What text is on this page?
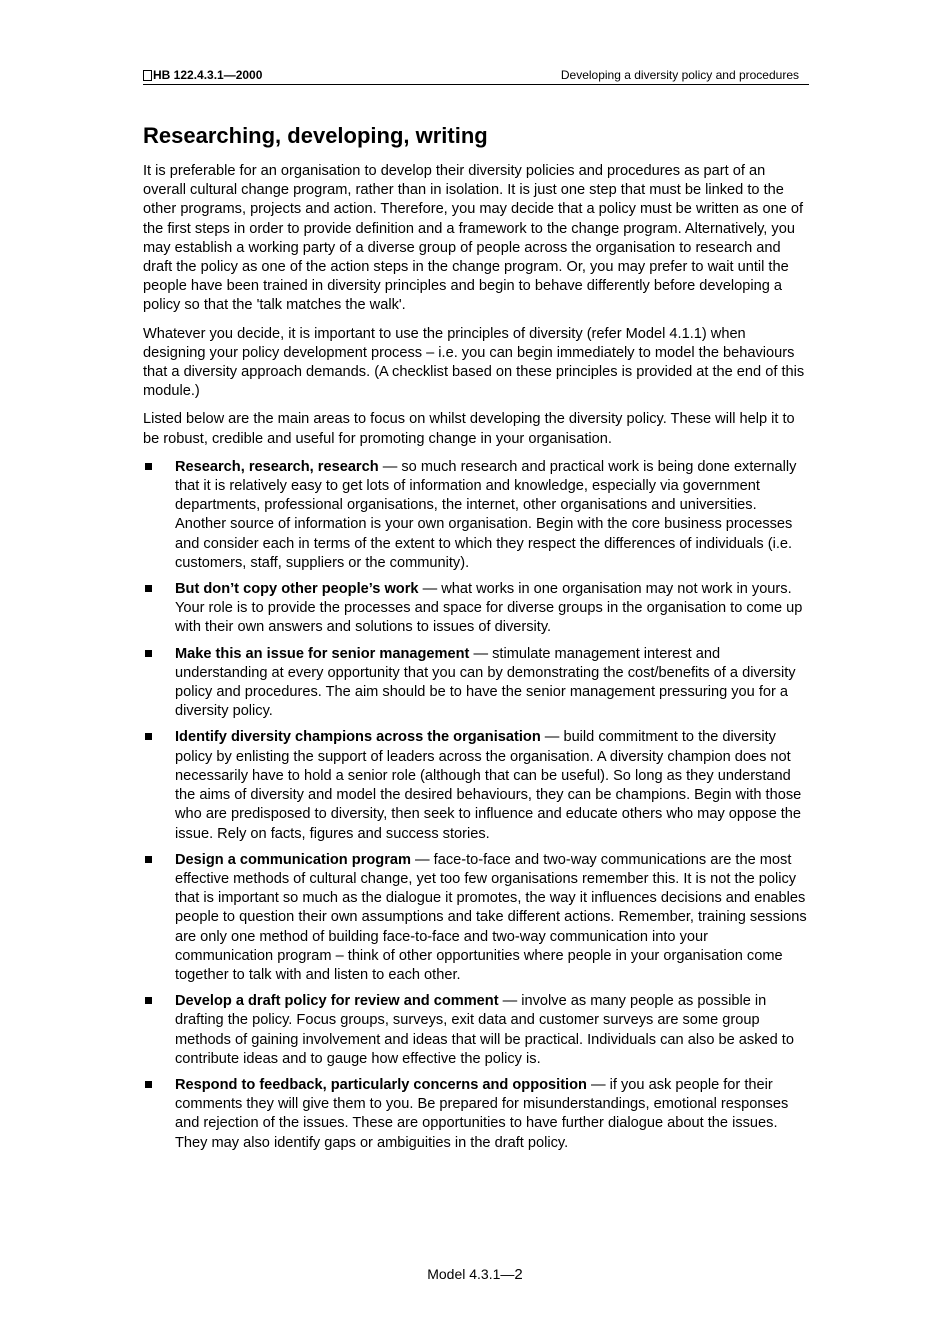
HB 122.4.3.1—2000	Developing a diversity policy and procedures
Researching, developing, writing

It is preferable for an organisation to develop their diversity policies and procedures as part of an overall cultural change program, rather than in isolation. It is just one step that must be linked to the other programs, projects and action. Therefore, you may decide that a policy must be written as one of the first steps in order to provide definition and a framework to the change program. Alternatively, you may establish a working party of a diverse group of people across the organisation to research and draft the policy as one of the action steps in the change program. Or, you may prefer to wait until the people have been trained in diversity principles and begin to behave differently before developing a policy so that the 'talk matches the walk'.

Whatever you decide, it is important to use the principles of diversity (refer Model 4.1.1) when designing your policy development process – i.e. you can begin immediately to model the behaviours that a diversity approach demands. (A checklist based on these principles is provided at the end of this module.)

Listed below are the main areas to focus on whilst developing the diversity policy. These will help it to be robust, credible and useful for promoting change in your organisation.

Research, research, research — so much research and practical work is being done externally that it is relatively easy to get lots of information and knowledge, especially via government departments, professional organisations, the internet, other organisations and universities. Another source of information is your own organisation. Begin with the core business processes and consider each in terms of the extent to which they respect the differences of individuals (i.e. customers, staff, suppliers or the community).
But don’t copy other people’s work — what works in one organisation may not work in yours. Your role is to provide the processes and space for diverse groups in the organisation to come up with their own answers and solutions to issues of diversity.
Make this an issue for senior management — stimulate management interest and understanding at every opportunity that you can by demonstrating the cost/benefits of a diversity policy and procedures. The aim should be to have the senior management pressuring you for a diversity policy.
Identify diversity champions across the organisation — build commitment to the diversity policy by enlisting the support of leaders across the organisation. A diversity champion does not necessarily have to hold a senior role (although that can be useful). So long as they understand the aims of diversity and model the desired behaviours, they can be champions. Begin with those who are predisposed to diversity, then seek to influence and educate others who may oppose the issue. Rely on facts, figures and success stories.
Design a communication program — face-to-face and two-way communications are the most effective methods of cultural change, yet too few organisations remember this. It is not the policy that is important so much as the dialogue it promotes, the way it influences decisions and enables people to question their own assumptions and take different actions. Remember, training sessions are only one method of building face-to-face and two-way communication into your communication program – think of other opportunities where people in your organisation come together to talk with and listen to each other.
Develop a draft policy for review and comment — involve as many people as possible in drafting the policy. Focus groups, surveys, exit data and customer surveys are some group methods of gaining involvement and ideas that will be practical. Individuals can also be asked to contribute ideas and to gauge how effective the policy is.
Respond to feedback, particularly concerns and opposition — if you ask people for their comments they will give them to you. Be prepared for misunderstandings, emotional responses and rejection of the issues. These are opportunities to have further dialogue about the issues. They may also identify gaps or ambiguities in the draft policy.
Model 4.3.1—2
